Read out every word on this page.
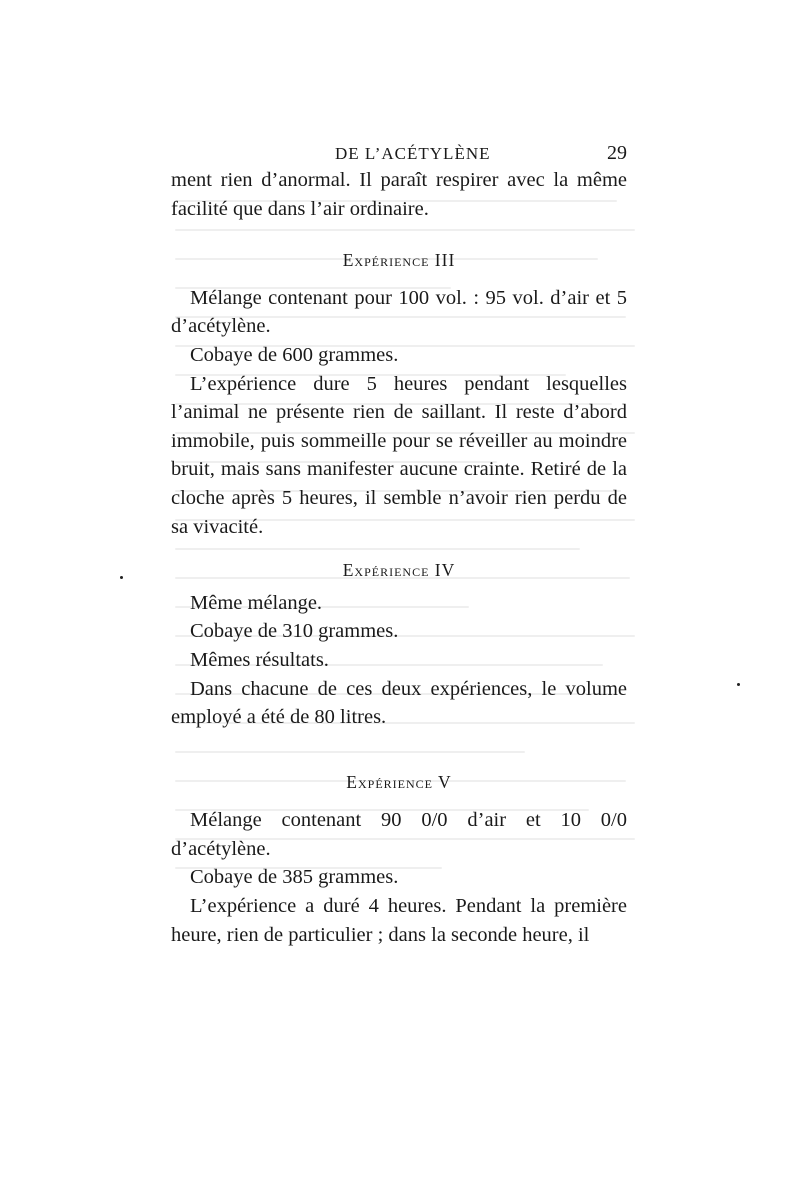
DE L’ACÉTYLÈNE	29

ment rien d’anormal. Il paraît respirer avec la même facilité que dans l’air ordinaire.

Expérience III

Mélange contenant pour 100 vol. : 95 vol. d’air et 5 d’acétylène.

Cobaye de 600 grammes.

L’expérience dure 5 heures pendant lesquelles l’animal ne présente rien de saillant. Il reste d’abord immobile, puis sommeille pour se réveiller au moindre bruit, mais sans manifester aucune crainte. Retiré de la cloche après 5 heures, il semble n’avoir rien perdu de sa vivacité.

Expérience IV

Même mélange.

Cobaye de 310 grammes.

Mêmes résultats.

Dans chacune de ces deux expériences, le volume employé a été de 80 litres.

Expérience V

Mélange contenant 90 0/0 d’air et 10 0/0 d’acétylène.

Cobaye de 385 grammes.

L’expérience a duré 4 heures. Pendant la première heure, rien de particulier ; dans la seconde heure, il
